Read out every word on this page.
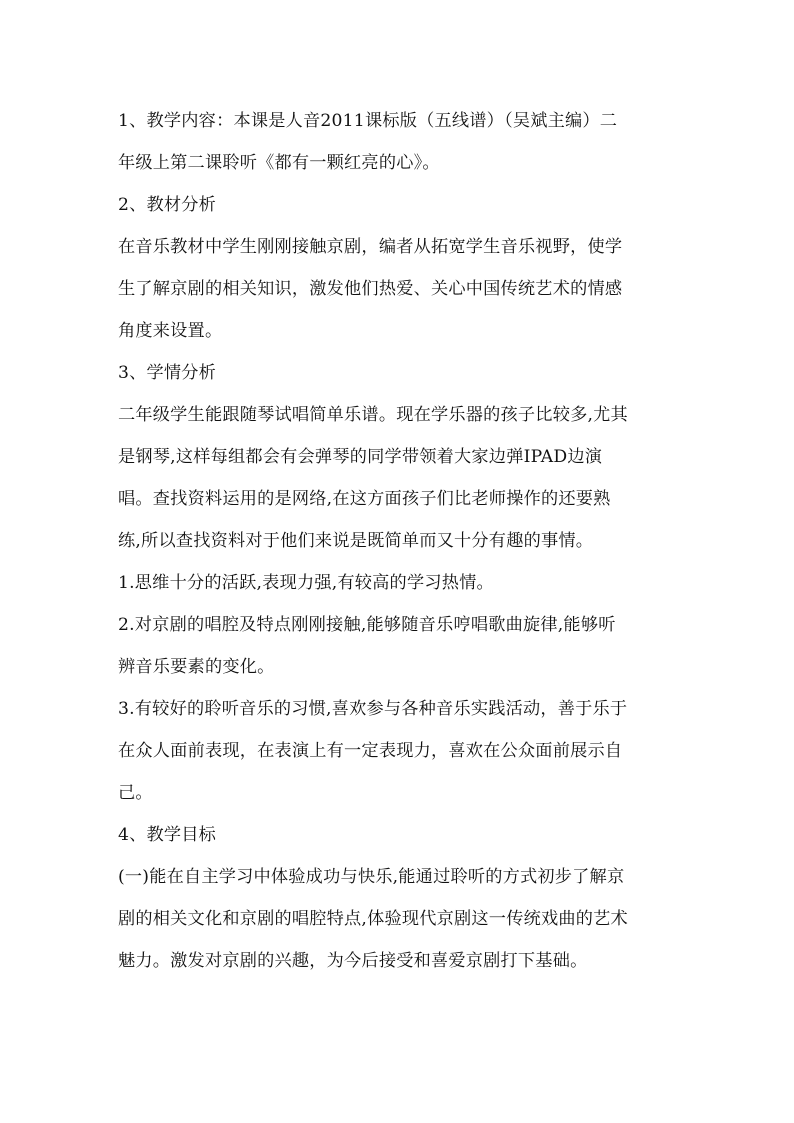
1、教学内容：本课是人音2011课标版（五线谱）（吴斌主编）二
年级上第二课聆听《都有一颗红亮的心》。
2、教材分析
在音乐教材中学生刚刚接触京剧，编者从拓宽学生音乐视野，使学
生了解京剧的相关知识，激发他们热爱、关心中国传统艺术的情感
角度来设置。
3、学情分析
二年级学生能跟随琴试唱简单乐谱。现在学乐器的孩子比较多,尤其
是钢琴,这样每组都会有会弹琴的同学带领着大家边弹IPAD边演
唱。查找资料运用的是网络,在这方面孩子们比老师操作的还要熟
练,所以查找资料对于他们来说是既简单而又十分有趣的事情。
1.思维十分的活跃,表现力强,有较高的学习热情。
2.对京剧的唱腔及特点刚刚接触,能够随音乐哼唱歌曲旋律,能够听
辨音乐要素的变化。
3.有较好的聆听音乐的习惯,喜欢参与各种音乐实践活动，善于乐于
在众人面前表现，在表演上有一定表现力，喜欢在公众面前展示自
己。
4、教学目标
(一)能在自主学习中体验成功与快乐,能通过聆听的方式初步了解京
剧的相关文化和京剧的唱腔特点,体验现代京剧这一传统戏曲的艺术
魅力。激发对京剧的兴趣，为今后接受和喜爱京剧打下基础。
